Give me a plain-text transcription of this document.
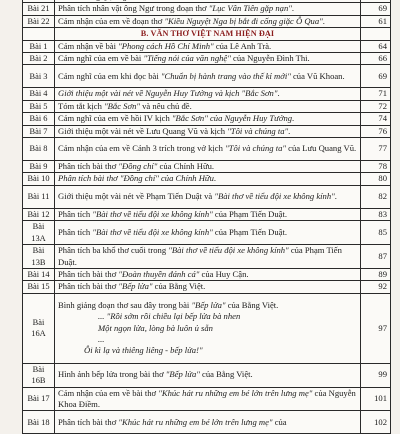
Bài 21	Phân tích nhân vật ông Ngư trong đoạn thơ "Lục Vân Tiên gặp nạn".	69
Bài 22	Cảm nhận của em về đoạn thơ "Kiều Nguyệt Nga bị bắt đi cống giặc Ô Qua".	61
	B. VĂN THƠ VIỆT NAM HIỆN ĐẠI	
Bài 1	Cảm nhận về bài "Phong cách Hồ Chí Minh" của Lê Anh Trà.	64
Bài 2	Cảm nghĩ của em về bài "Tiếng nói của văn nghệ" của Nguyễn Đình Thi.	66
Bài 3	Cảm nghĩ của em khi đọc bài "Chuẩn bị hành trang vào thế kỉ mới" của Vũ Khoan.	69
Bài 4	Giới thiệu một vài nét về Nguyễn Huy Tưởng và kịch "Bắc Sơn".	71
Bài 5	Tóm tắt kịch "Bắc Sơn" và nêu chủ đề.	72
Bài 6	Cảm nghĩ của em về hồi IV kịch "Bắc Sơn" của Nguyễn Huy Tưởng.	74
Bài 7	Giới thiệu một vài nét về Lưu Quang Vũ và kịch "Tôi và chúng ta".	76
Bài 8	Cảm nhận của em về Cảnh 3 trích trong vở kịch "Tôi và chúng ta" của Lưu Quang Vũ.	77
Bài 9	Phân tích bài thơ "Đồng chí" của Chính Hữu.	78
Bài 10	Phân tích bài thơ "Đồng chí" của Chính Hữu.	80
Bài 11	Giới thiệu một vài nét về Phạm Tiến Duật và "Bài thơ về tiểu đội xe không kính".	82
Bài 12	Phân tích "Bài thơ về tiểu đội xe không kính" của Phạm Tiến Duật.	83
Bài 13A	Phân tích "Bài thơ về tiểu đội xe không kính" của Phạm Tiến Duật.	85
Bài 13B	Phân tích ba khổ thơ cuối trong "Bài thơ về tiểu đội xe không kính" của Phạm Tiến Duật.	87
Bài 14	Phân tích bài thơ "Đoàn thuyền đánh cá" của Huy Cận.	89
Bài 15	Phân tích bài thơ "Bếp lửa" của Bằng Việt.	92
Bài 16A	Bình giảng đoạn thơ sau đây trong bài "Bếp lửa" của Bằng Việt.
... "Rồi sớm rồi chiều lại bếp lửa bà nhen
Một ngọn lửa, lòng bà luôn ủ sẵn
...
Ôi kì lạ và thiêng liêng - bếp lửa!"	97
Bài 16B	Hình ảnh bếp lửa trong bài thơ "Bếp lửa" của Bằng Việt.	99
Bài 17	Cảm nhận của em về bài thơ "Khúc hát ru những em bé lớn trên lưng mẹ" của Nguyễn Khoa Điềm.	101
Bài 18	Phân tích bài thơ "Khúc hát ru những em bé lớn trên lưng mẹ" của	102
